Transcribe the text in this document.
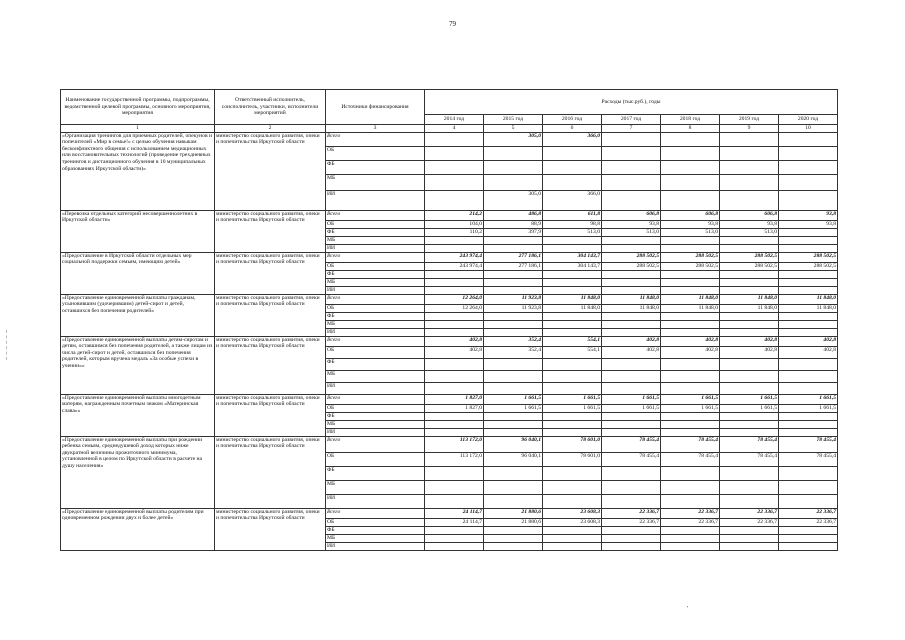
79
'
Наименование государственной программы, подпрограммы, ведомственной целевой программы, основного мероприятия, мероприятия	Ответственный исполнитель, соисполнитель, участники, исполнители мероприятий	Источники финансирования	Расходы (тыс.руб.), годы						
			2014 год	2015 год	2016 год	2017 год	2018 год	2019 год	2020 год
1	2	3	4	5	6	7	8	9	10
«Организация тренингов для приемных родителей, опекунов и попечителей «Мир в семье!» с целью обучения навыкам бесконфликтного общения с использованием медиационных или восстановительных технологий (проведение трехдневных тренингов и дистанционного обучения в 10 муниципальных образованиях Иркутской области)»	министерство социального развития, опеки и попечительства Иркутской области	Всего		305,0	366,0				
		ОБ							
		ФБ							
		МБ							
		ИИ		305,0	366,0				
«Перевозка отдельных категорий несовершеннолетних в Иркутской области»	министерство социального развития, опеки и попечительства Иркутской области	Всего	214,2	486,8	611,8	606,8	606,8	606,8	93,8
		ОБ	104,0	88,9	98,8	93,8	93,8	93,8	93,8
		ФБ	110,2	397,9	513,0	513,0	513,0	513,0	
		МБ							
		ИИ							
«Предоставление в Иркутской области отдельных мер социальной поддержки семьям, имеющим детей»	министерство социального развития, опеки и попечительства Иркутской области	Всего	243 974,4	277 186,1	304 143,7	288 502,5	288 502,5	288 502,5	288 502,5
		ОБ	243 974,4	277 186,1	304 143,7	288 502,5	288 502,5	288 502,5	288 502,5
		ФБ							
		МБ							
		ИИ							
«Предоставление единовременной выплаты гражданам, усыновившим (удочерившим) детей-сирот и детей, оставшихся без попечения родителей»	министерство социального развития, опеки и попечительства Иркутской области	Всего	12 264,0	11 923,8	11 848,0	11 848,0	11 848,0	11 848,0	11 848,0
		ОБ	12 264,0	11 923,8	11 848,0	11 848,0	11 848,0	11 848,0	11 848,0
		ФБ							
		МБ							
		ИИ							
«Предоставление единовременной выплаты детям-сиротам и детям, оставшимся без попечения родителей, а также лицам из числа детей-сирот и детей, оставшихся без попечения родителей, которым вручена медаль «За особые успехи в учении»»	министерство социального развития, опеки и попечительства Иркутской области	Всего	402,8	352,4	554,1	402,8	402,8	402,8	402,8
		ОБ	402,8	352,4	554,1	402,8	402,8	402,8	402,8
		ФБ							
		МБ							
		ИИ							
«Предоставление единовременной выплаты многодетным матерям, награжденным почетным знаком «Материнская слава»»	министерство социального развития, опеки и попечительства Иркутской области	Всего	1 827,0	1 661,5	1 661,5	1 661,5	1 661,5	1 661,5	1 661,5
		ОБ	1 827,0	1 661,5	1 661,5	1 661,5	1 661,5	1 661,5	1 661,5
		ФБ							
		МБ							
		ИИ							
«Предоставление единовременной выплаты при рождении ребенка семьям, среднедушевой доход которых ниже двукратной величины прожиточного минимума, установленной в целом по Иркутской области в расчете на душу населения»	министерство социального развития, опеки и попечительства Иркутской области	Всего	113 172,0	96 040,1	78 601,0	78 455,4	78 455,4	78 455,4	78 455,4
		ОБ	113 172,0	96 040,1	78 601,0	78 455,4	78 455,4	78 455,4	78 455,4
		ФБ							
		МБ							
		ИИ							
«Предоставление единовременной выплаты родителям при одновременном рождении двух и более детей»	министерство социального развития, опеки и попечительства Иркутской области	Всего	24 114,7	21 880,6	23 608,3	22 336,7	22 336,7	22 336,7	22 336,7
		ОБ	24 114,7	21 880,6	23 608,3	22 336,7	22 336,7	22 336,7	22 336,7
		ФБ							
		МБ							
		ИИ							
